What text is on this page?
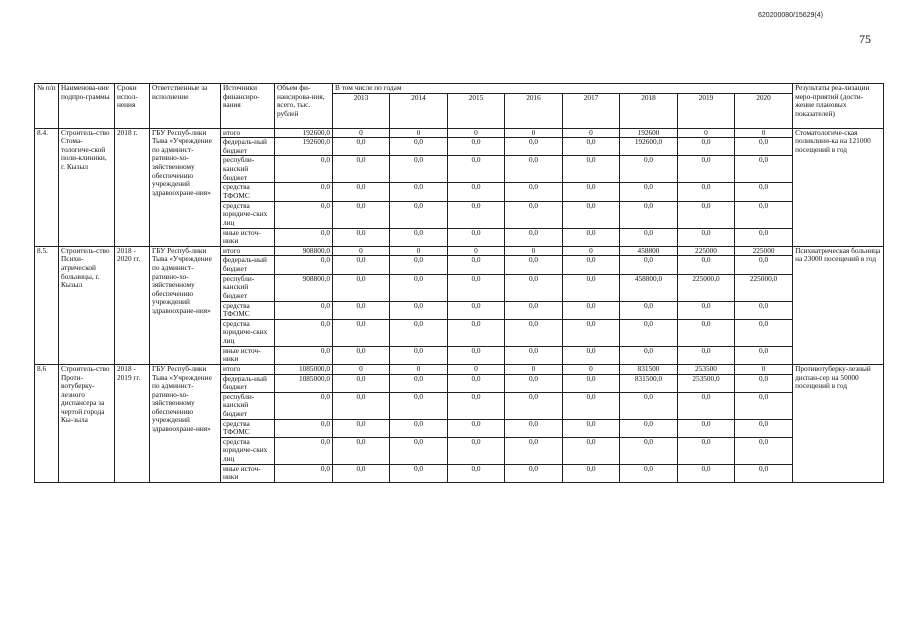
620200080/15629(4)
75
№ п/п	Наименова-ние подпро-граммы	Сроки испол-нения	Ответственные за исполнение	Источники финансиро-вания	Объем фи-нансирова-ния, всего, тыс. рублей	В том числе по годам								Результаты реа-лизации меро-приятий (дости-жение плановых показателей)
						2013	2014	2015	2016	2017	2018	2019	2020	
8.4.	Строитель-ство Стома-тологиче-ской поли-клиники, г. Кызыл	2018 г.	ГБУ Респуб-лики Тыва «Учреждение по админист-ративно-хо-зяйственному обеспечению учреждений здравоохране-ния»	итого	192600,0	0	0	0	0	0	192600	0	0	Стоматологиче-ская поликлини-ка на 121000 посещений в год
				федераль-ный бюджет	192600,0	0,0	0,0	0,0	0,0	0,0	192600,0	0,0	0,0	
				республи-канский бюджет	0,0	0,0	0,0	0,0	0,0	0,0	0,0	0,0	0,0	
				средства ТФОМС	0,0	0,0	0,0	0,0	0,0	0,0	0,0	0,0	0,0	
				средства юридиче-ских лиц	0,0	0,0	0,0	0,0	0,0	0,0	0,0	0,0	0,0	
				иные источ-ники	0,0	0,0	0,0	0,0	0,0	0,0	0,0	0,0	0,0	
8.5.	Строитель-ство Психи-атрической больницы, г. Кызыл	2018 - 2020 гг.	ГБУ Респуб-лики Тыва «Учреждение по админист-ративно-хо-зяйственному обеспечению учреждений здравоохране-ния»	итого	908800,0	0	0	0	0	0	458800	225000	225000	Психиатрическая больница на 23000 посещений в год
				федераль-ный бюджет	0,0	0,0	0,0	0,0	0,0	0,0	0,0	0,0	0,0	
				республи-канский бюджет	908800,0	0,0	0,0	0,0	0,0	0,0	458800,0	225000,0	225000,0	
				средства ТФОМС	0,0	0,0	0,0	0,0	0,0	0,0	0,0	0,0	0,0	
				средства юридиче-ских лиц	0,0	0,0	0,0	0,0	0,0	0,0	0,0	0,0	0,0	
				иные источ-ники	0,0	0,0	0,0	0,0	0,0	0,0	0,0	0,0	0,0	
8.6	Строитель-ство Проти-вотуберку-лезного диспансера за чертой города Кы-зыла	2018 - 2019 гг.	ГБУ Респуб-лики Тыва «Учреждение по админист-ративно-хо-зяйственному обеспечению учреждений здравоохране-ния»	итого	1085000,0	0	0	0	0	0	831500	253500	0	Противотуберку-лезный диспан-сер на 50000 посещений в год
				федераль-ный бюджет	1085000,0	0,0	0,0	0,0	0,0	0,0	831500,0	253500,0	0,0	
				республи-канский бюджет	0,0	0,0	0,0	0,0	0,0	0,0	0,0	0,0	0,0	
				средства ТФОМС	0,0	0,0	0,0	0,0	0,0	0,0	0,0	0,0	0,0	
				средства юридиче-ских лиц	0,0	0,0	0,0	0,0	0,0	0,0	0,0	0,0	0,0	
				иные источ-ники	0,0	0,0	0,0	0,0	0,0	0,0	0,0	0,0	0,0	
